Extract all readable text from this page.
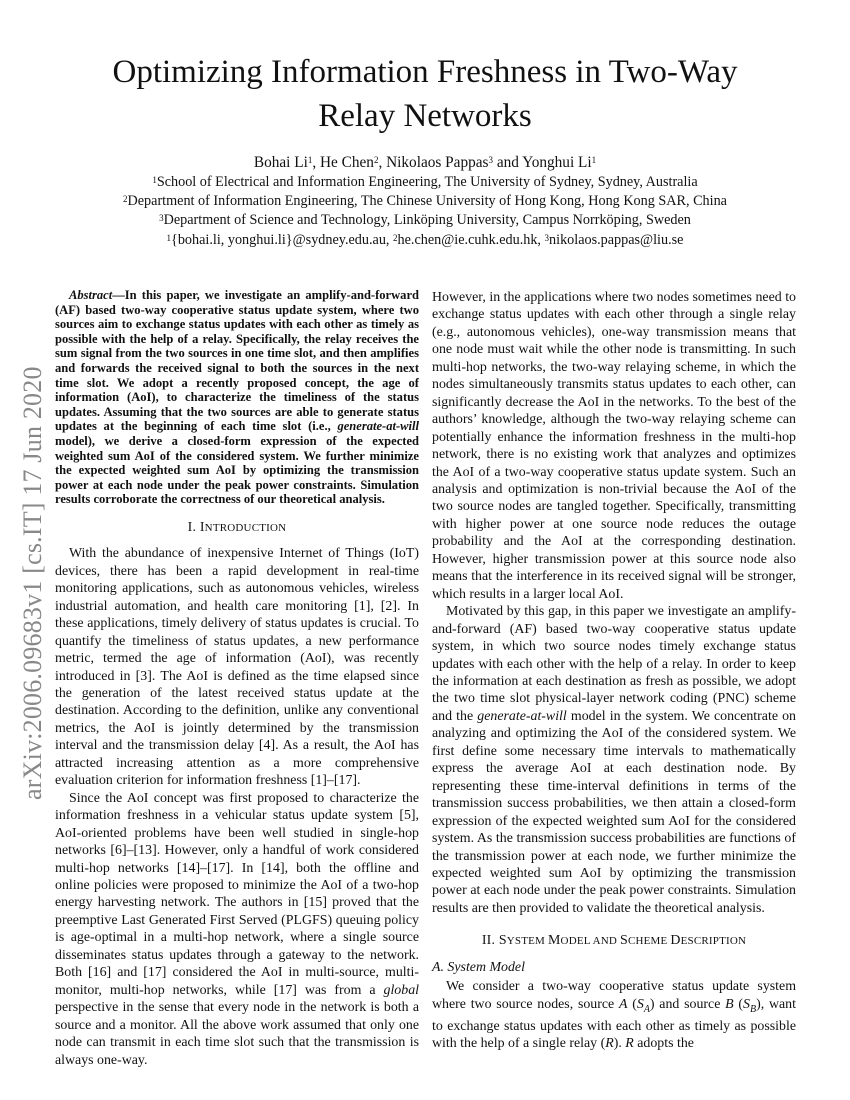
arXiv:2006.09683v1 [cs.IT] 17 Jun 2020
Optimizing Information Freshness in Two-Way
Relay Networks
Bohai Li$^1$, He Chen$^2$, Nikolaos Pappas$^3$ and Yonghui Li$^1$
$^1$School of Electrical and Information Engineering, The University of Sydney, Sydney, Australia
$^2$Department of Information Engineering, The Chinese University of Hong Kong, Hong Kong SAR, China
$^3$Department of Science and Technology, Linköping University, Campus Norrköping, Sweden
$^1${bohai.li, yonghui.li}@sydney.edu.au, $^2$he.chen@ie.cuhk.edu.hk, $^3$nikolaos.pappas@liu.se

Abstract—In this paper, we investigate an amplify-and-forward (AF) based two-way cooperative status update system, where two sources aim to exchange status updates with each other as timely as possible with the help of a relay. Specifically, the relay receives the sum signal from the two sources in one time slot, and then amplifies and forwards the received signal to both the sources in the next time slot. We adopt a recently proposed concept, the age of information (AoI), to characterize the timeliness of the status updates. Assuming that the two sources are able to generate status updates at the beginning of each time slot (i.e., generate-at-will model), we derive a closed-form expression of the expected weighted sum AoI of the considered system. We further minimize the expected weighted sum AoI by optimizing the transmission power at each node under the peak power constraints. Simulation results corroborate the correctness of our theoretical analysis.

I. INTRODUCTION

With the abundance of inexpensive Internet of Things (IoT) devices, there has been a rapid development in real-time monitoring applications, such as autonomous vehicles, wireless industrial automation, and health care monitoring [1], [2]. In these applications, timely delivery of status updates is crucial. To quantify the timeliness of status updates, a new performance metric, termed the age of information (AoI), was recently introduced in [3]. The AoI is defined as the time elapsed since the generation of the latest received status update at the destination. According to the definition, unlike any conventional metrics, the AoI is jointly determined by the transmission interval and the transmission delay [4]. As a result, the AoI has attracted increasing attention as a more comprehensive evaluation criterion for information freshness [1]–[17].

Since the AoI concept was first proposed to characterize the information freshness in a vehicular status update system [5], AoI-oriented problems have been well studied in single-hop networks [6]–[13]. However, only a handful of work considered multi-hop networks [14]–[17]. In [14], both the offline and online policies were proposed to minimize the AoI of a two-hop energy harvesting network. The authors in [15] proved that the preemptive Last Generated First Served (PLGFS) queuing policy is age-optimal in a multi-hop network, where a single source disseminates status updates through a gateway to the network. Both [16] and [17] considered the AoI in multi-source, multi-monitor, multi-hop networks, while [17] was from a global perspective in the sense that every node in the network is both a source and a monitor. All the above work assumed that only one node can transmit in each time slot such that the transmission is always one-way.

However, in the applications where two nodes sometimes need to exchange status updates with each other through a single relay (e.g., autonomous vehicles), one-way transmission means that one node must wait while the other node is transmitting. In such multi-hop networks, the two-way relaying scheme, in which the nodes simultaneously transmits status updates to each other, can significantly decrease the AoI in the networks. To the best of the authors’ knowledge, although the two-way relaying scheme can potentially enhance the information freshness in the multi-hop network, there is no existing work that analyzes and optimizes the AoI of a two-way cooperative status update system. Such an analysis and optimization is non-trivial because the AoI of the two source nodes are tangled together. Specifically, transmitting with higher power at one source node reduces the outage probability and the AoI at the corresponding destination. However, higher transmission power at this source node also means that the interference in its received signal will be stronger, which results in a larger local AoI.

Motivated by this gap, in this paper we investigate an amplify-and-forward (AF) based two-way cooperative status update system, in which two source nodes timely exchange status updates with each other with the help of a relay. In order to keep the information at each destination as fresh as possible, we adopt the two time slot physical-layer network coding (PNC) scheme and the generate-at-will model in the system. We concentrate on analyzing and optimizing the AoI of the considered system. We first define some necessary time intervals to mathematically express the average AoI at each destination node. By representing these time-interval definitions in terms of the transmission success probabilities, we then attain a closed-form expression of the expected weighted sum AoI for the considered system. As the transmission success probabilities are functions of the transmission power at each node, we further minimize the expected weighted sum AoI by optimizing the transmission power at each node under the peak power constraints. Simulation results are then provided to validate the theoretical analysis.

II. SYSTEM MODEL AND SCHEME DESCRIPTION
A. System Model

We consider a two-way cooperative status update system where two source nodes, source A $(S_A)$ and source B $(S_B)$, want to exchange status updates with each other as timely as possible with the help of a single relay (R). R adopts the
